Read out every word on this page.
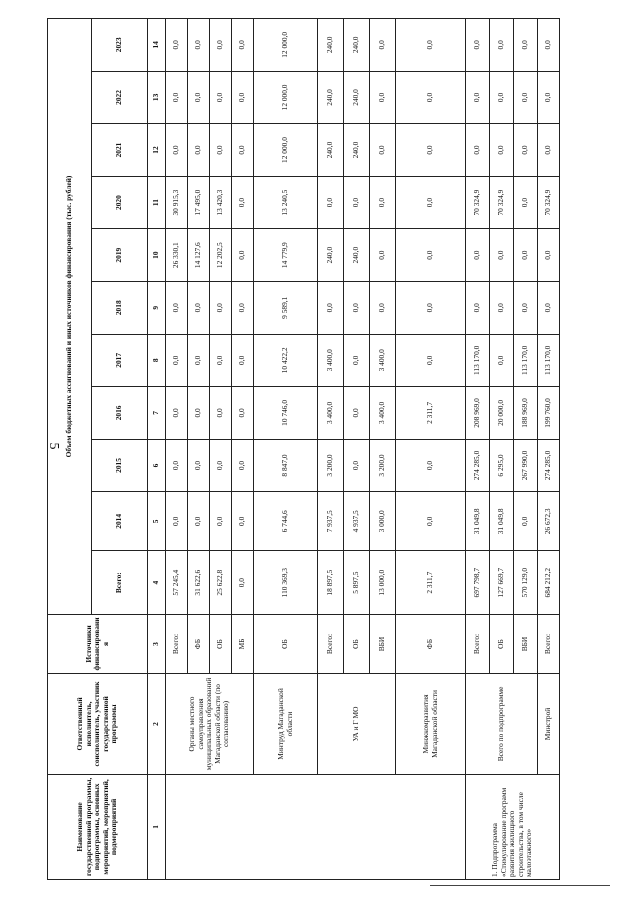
5
Наименование государственной программы, подпрограммы, основных мероприятий, мероприятий, подмероприятий	Ответственный исполнитель, соисполнитель, участник государственной программы	Источники финансирования	Объем бюджетных ассигнований и иных источников финансирования (тыс. рублей)										
			Всего:	2014	2015	2016	2017	2018	2019	2020	2021	2022	2023
1	2	3	4	5	6	7	8	9	10	11	12	13	14
	Органы местного самоуправления муниципальных образований Магаданской области (по согласованию)	Всего:	57 245,4	0,0	0,0	0,0	0,0	0,0	26 330,1	30 915,3	0,0	0,0	0,0
		ФБ	31 622,6	0,0	0,0	0,0	0,0	0,0	14 127,6	17 495,0	0,0	0,0	0,0
		ОБ	25 622,8	0,0	0,0	0,0	0,0	0,0	12 202,5	13 420,3	0,0	0,0	0,0
		МБ	0,0	0,0	0,0	0,0	0,0	0,0	0,0	0,0	0,0	0,0	0,0
	Минтруд Магаданской области	ОБ	110 369,3	6 744,6	8 847,0	10 746,0	10 422,2	9 589,1	14 779,9	13 240,5	12 000,0	12 000,0	12 000,0
	УА и Г МО	Всего:	18 897,5	7 937,5	3 200,0	3 400,0	3 400,0	0,0	240,0	0,0	240,0	240,0	240,0
		ОБ	5 897,5	4 937,5	0,0	0,0	0,0	0,0	240,0	0,0	240,0	240,0	240,0
		ВБИ	13 000,0	3 000,0	3 200,0	3 400,0	3 400,0	0,0	0,0	0,0	0,0	0,0	0,0
	Минжкомразвития Магаданской области	ФБ	2 311,7	0,0	0,0	2 311,7	0,0	0,0	0,0	0,0	0,0	0,0	0,0
1. Подпрограмма «Стимулирование программ развития жилищного строительства, в том числе малоэтажного»	Всего по подпрограмме	Всего:	697 798,7	31 049,8	274 285,0	208 969,0	113 170,0	0,0	0,0	70 324,9	0,0	0,0	0,0
		ОБ	127 669,7	31 049,8	6 295,0	20 000,0	0,0	0,0	0,0	70 324,9	0,0	0,0	0,0
		ВБИ	570 129,0	0,0	267 990,0	188 969,0	113 170,0	0,0	0,0	0,0	0,0	0,0	0,0
	Минстрой	Всего:	684 212,2	26 672,3	274 285,0	199 760,0	113 170,0	0,0	0,0	70 324,9	0,0	0,0	0,0
